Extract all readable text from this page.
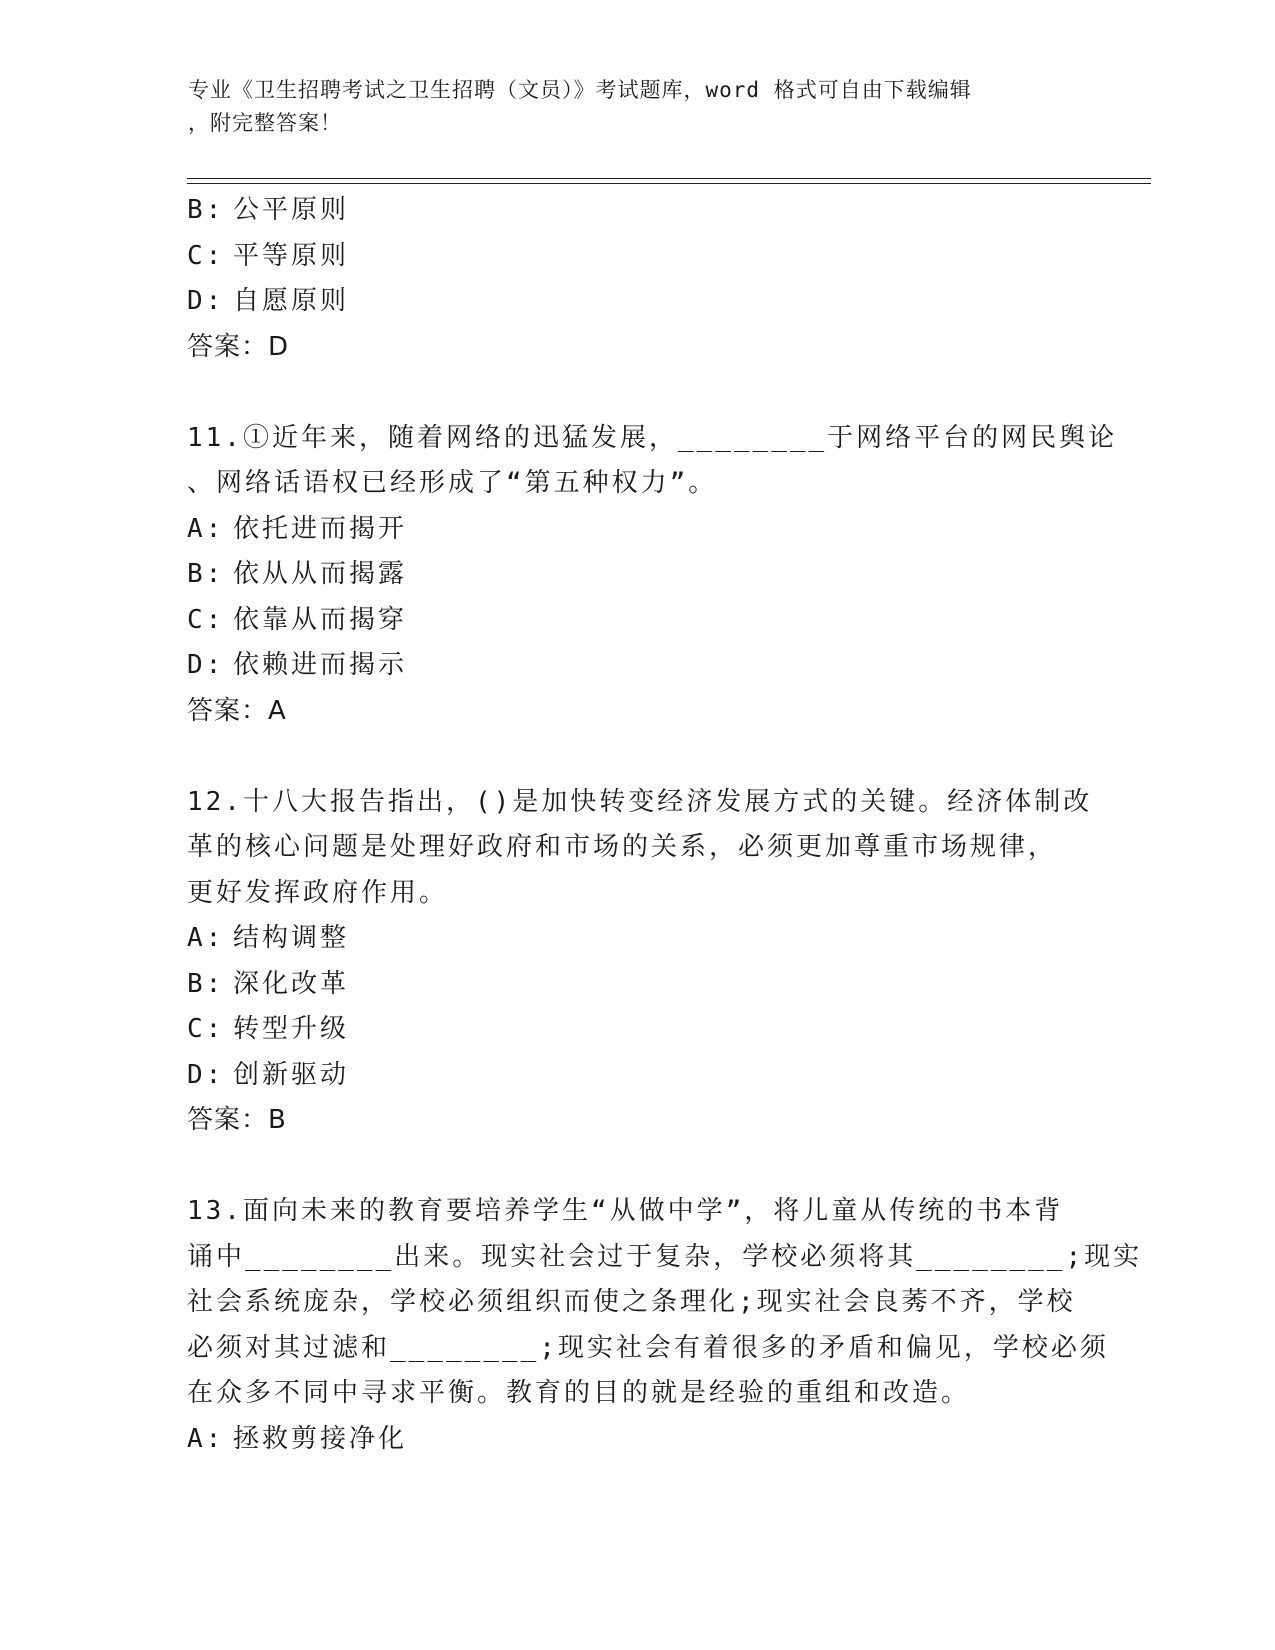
专业《卫生招聘考试之卫生招聘（文员）》考试题库，word 格式可自由下载编辑
，附完整答案！
B: 公平原则
C: 平等原则
D: 自愿原则
答案：D
11.①近年来，随着网络的迅猛发展，________于网络平台的网民舆论
、网络话语权已经形成了“第五种权力”。
A: 依托进而揭开
B: 依从从而揭露
C: 依靠从而揭穿
D: 依赖进而揭示
答案：A
12.十八大报告指出，()是加快转变经济发展方式的关键。经济体制改
革的核心问题是处理好政府和市场的关系，必须更加尊重市场规律，
更好发挥政府作用。
A: 结构调整
B: 深化改革
C: 转型升级
D: 创新驱动
答案：B
13.面向未来的教育要培养学生“从做中学”，将儿童从传统的书本背
诵中________出来。现实社会过于复杂，学校必须将其________;现实
社会系统庞杂，学校必须组织而使之条理化;现实社会良莠不齐，学校
必须对其过滤和________;现实社会有着很多的矛盾和偏见，学校必须
在众多不同中寻求平衡。教育的目的就是经验的重组和改造。
A: 拯救剪接净化
